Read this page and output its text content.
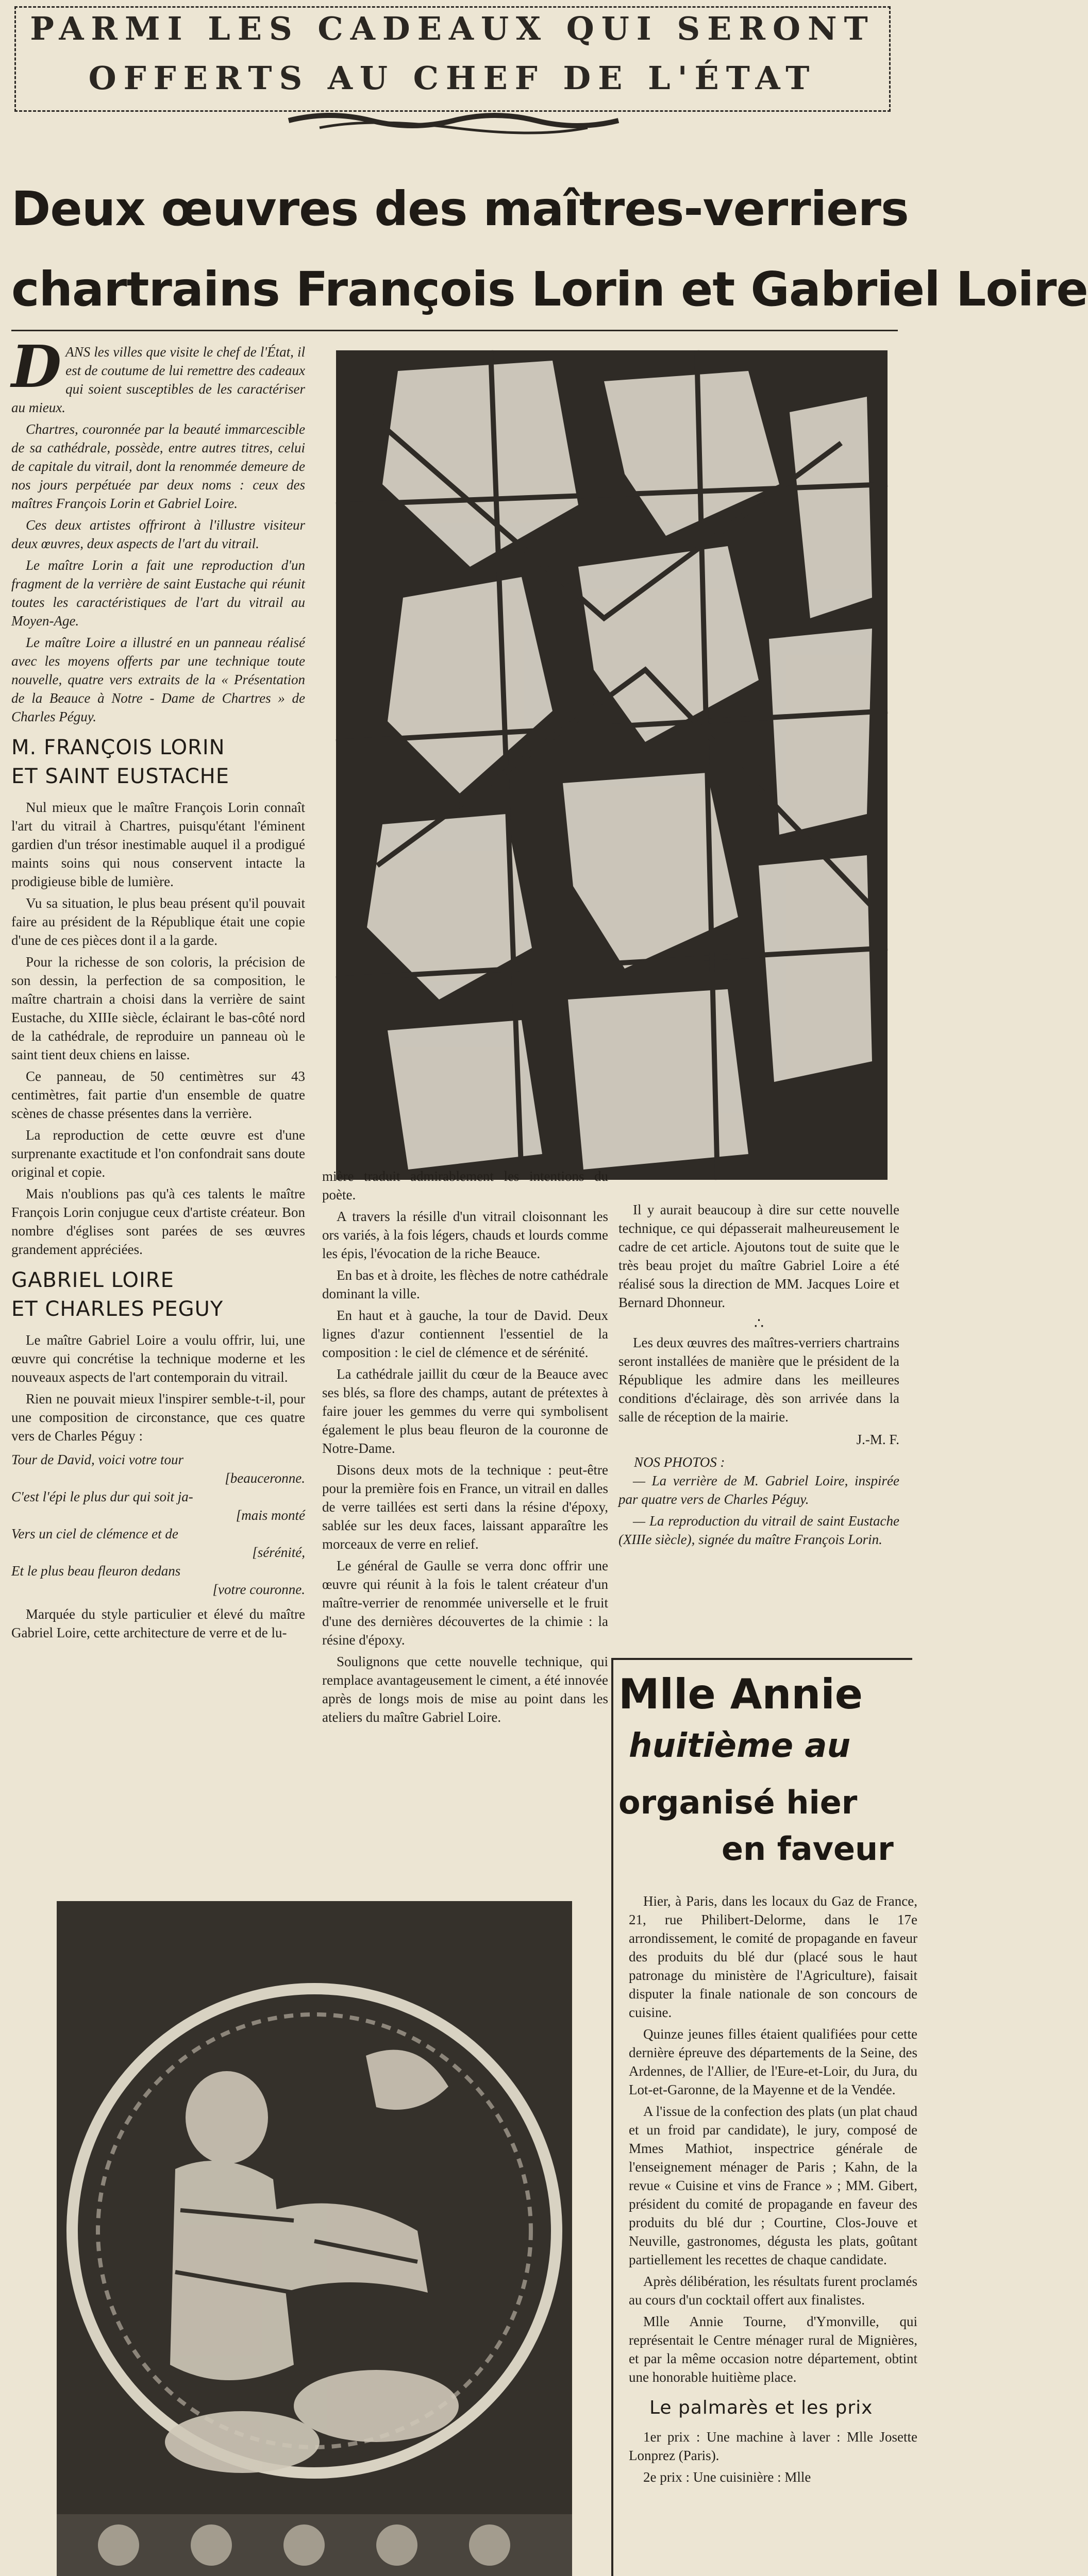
PARMI LES CADEAUX QUI SERONT
OFFERTS AU CHEF DE L'ÉTAT
Deux œuvres des maîtres-verriers
chartrains François Lorin et Gabriel Loire

DANS les villes que visite le chef de l'État, il est de coutume de lui remettre des cadeaux qui soient susceptibles de les caractériser au mieux.

Chartres, couronnée par la beauté immarcescible de sa cathédrale, possède, entre autres titres, celui de capitale du vitrail, dont la renommée demeure de nos jours perpétuée par deux noms : ceux des maîtres François Lorin et Gabriel Loire.

Ces deux artistes offriront à l'illustre visiteur deux œuvres, deux aspects de l'art du vitrail.

Le maître Lorin a fait une reproduction d'un fragment de la verrière de saint Eustache qui réunit toutes les caractéristiques de l'art du vitrail au Moyen-Age.

Le maître Loire a illustré en un panneau réalisé avec les moyens offerts par une technique toute nouvelle, quatre vers extraits de la « Présentation de la Beauce à Notre - Dame de Chartres » de Charles Péguy.

M. FRANÇOIS LORIN
ET SAINT EUSTACHE

Nul mieux que le maître François Lorin connaît l'art du vitrail à Chartres, puisqu'étant l'éminent gardien d'un trésor inestimable auquel il a prodigué maints soins qui nous conservent intacte la prodigieuse bible de lumière.

Vu sa situation, le plus beau présent qu'il pouvait faire au président de la République était une copie d'une de ces pièces dont il a la garde.

Pour la richesse de son coloris, la précision de son dessin, la perfection de sa composition, le maître chartrain a choisi dans la verrière de saint Eustache, du XIIIe siècle, éclairant le bas-côté nord de la cathédrale, de reproduire un panneau où le saint tient deux chiens en laisse.

Ce panneau, de 50 centimètres sur 43 centimètres, fait partie d'un ensemble de quatre scènes de chasse présentes dans la verrière.

La reproduction de cette œuvre est d'une surprenante exactitude et l'on confondrait sans doute original et copie.

Mais n'oublions pas qu'à ces talents le maître François Lorin conjugue ceux d'artiste créateur. Bon nombre d'églises sont parées de ses œuvres grandement appréciées.

GABRIEL LOIRE
ET CHARLES PEGUY

Le maître Gabriel Loire a voulu offrir, lui, une œuvre qui concrétise la technique moderne et les nouveaux aspects de l'art contemporain du vitrail.

Rien ne pouvait mieux l'inspirer semble-t-il, pour une composition de circonstance, que ces quatre vers de Charles Péguy :

Tour de David, voici votre tour
[beauceronne.
C'est l'épi le plus dur qui soit ja-
[mais monté
Vers un ciel de clémence et de
[sérénité,
Et le plus beau fleuron dedans
[votre couronne.

Marquée du style particulier et élevé du maître Gabriel Loire, cette architecture de verre et de lu-

mière traduit admirablement les intentions du poète.

A travers la résille d'un vitrail cloisonnant les ors variés, à la fois légers, chauds et lourds comme les épis, l'évocation de la riche Beauce.

En bas et à droite, les flèches de notre cathédrale dominant la ville.

En haut et à gauche, la tour de David. Deux lignes d'azur contiennent l'essentiel de la composition : le ciel de clémence et de sérénité.

La cathédrale jaillit du cœur de la Beauce avec ses blés, sa flore des champs, autant de prétextes à faire jouer les gemmes du verre qui symbolisent également le plus beau fleuron de la couronne de Notre-Dame.

Disons deux mots de la technique : peut-être pour la première fois en France, un vitrail en dalles de verre taillées est serti dans la résine d'époxy, sablée sur les deux faces, laissant apparaître les morceaux de verre en relief.

Le général de Gaulle se verra donc offrir une œuvre qui réunit à la fois le talent créateur d'un maître-verrier de renommée universelle et le fruit d'une des dernières découvertes de la chimie : la résine d'époxy.

Soulignons que cette nouvelle technique, qui remplace avantageusement le ciment, a été innovée après de longs mois de mise au point dans les ateliers du maître Gabriel Loire.

Il y aurait beaucoup à dire sur cette nouvelle technique, ce qui dépasserait malheureusement le cadre de cet article. Ajoutons tout de suite que le très beau projet du maître Gabriel Loire a été réalisé sous la direction de MM. Jacques Loire et Bernard Dhonneur.

∴

Les deux œuvres des maîtres-verriers chartrains seront installées de manière que le président de la République les admire dans les meilleures conditions d'éclairage, dès son arrivée dans la salle de réception de la mairie.

J.-M. F.
NOS PHOTOS :

— La verrière de M. Gabriel Loire, inspirée par quatre vers de Charles Péguy.

— La reproduction du vitrail de saint Eustache (XIIIe siècle), signée du maître François Lorin.

Mlle Annie
huitième au
organisé hier
en faveur

Hier, à Paris, dans les locaux du Gaz de France, 21, rue Philibert-Delorme, dans le 17e arrondissement, le comité de propagande en faveur des produits du blé dur (placé sous le haut patronage du ministère de l'Agriculture), faisait disputer la finale nationale de son concours de cuisine.

Quinze jeunes filles étaient qualifiées pour cette dernière épreuve des départements de la Seine, des Ardennes, de l'Allier, de l'Eure-et-Loir, du Jura, du Lot-et-Garonne, de la Mayenne et de la Vendée.

A l'issue de la confection des plats (un plat chaud et un froid par candidate), le jury, composé de Mmes Mathiot, inspectrice générale de l'enseignement ménager de Paris ; Kahn, de la revue « Cuisine et vins de France » ; MM. Gibert, président du comité de propagande en faveur des produits du blé dur ; Courtine, Clos-Jouve et Neuville, gastronomes, dégusta les plats, goûtant partiellement les recettes de chaque candidate.

Après délibération, les résultats furent proclamés au cours d'un cocktail offert aux finalistes.

Mlle Annie Tourne, d'Ymonville, qui représentait le Centre ménager rural de Mignières, et par la même occasion notre département, obtint une honorable huitième place.

Le palmarès et les prix

1er prix : Une machine à laver : Mlle Josette Lonprez (Paris).

2e prix : Une cuisinière : Mlle
